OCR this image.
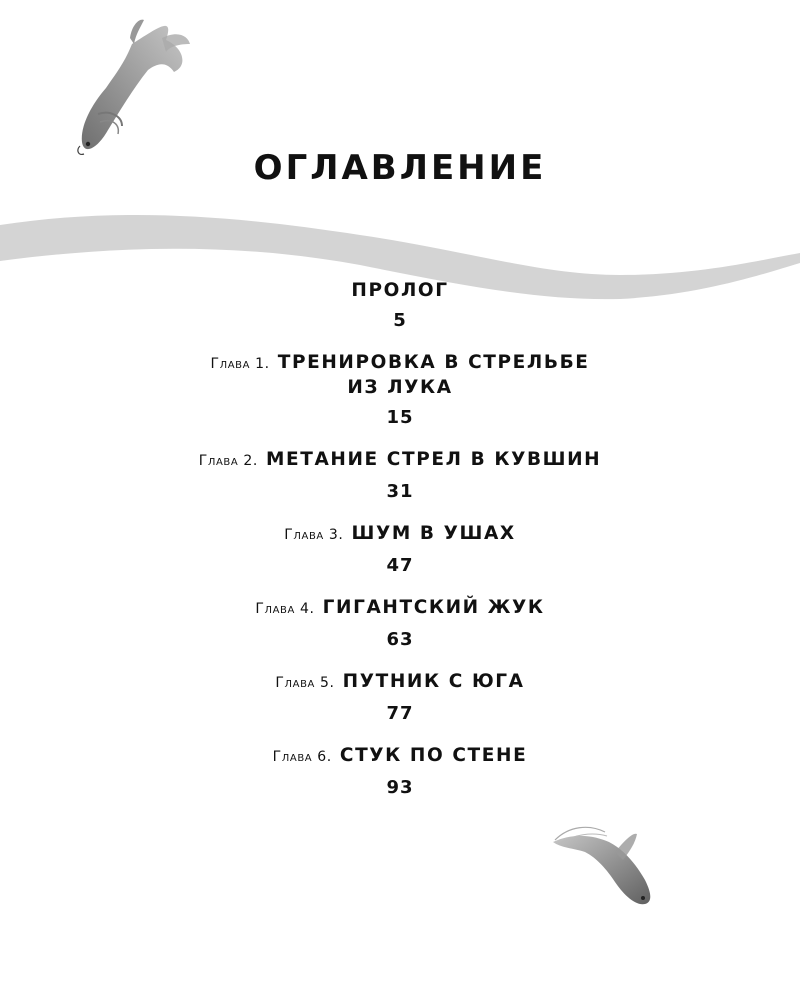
ОГЛАВЛЕНИЕ
ПРОЛОГ
5
Глава 1. ТРЕНИРОВКА В СТРЕЛЬБЕ
ИЗ ЛУКА
15
Глава 2. МЕТАНИЕ СТРЕЛ В КУВШИН
31
Глава 3. ШУМ В УШАХ
47
Глава 4. ГИГАНТСКИЙ ЖУК
63
Глава 5. ПУТНИК С ЮГА
77
Глава 6. СТУК ПО СТЕНЕ
93
